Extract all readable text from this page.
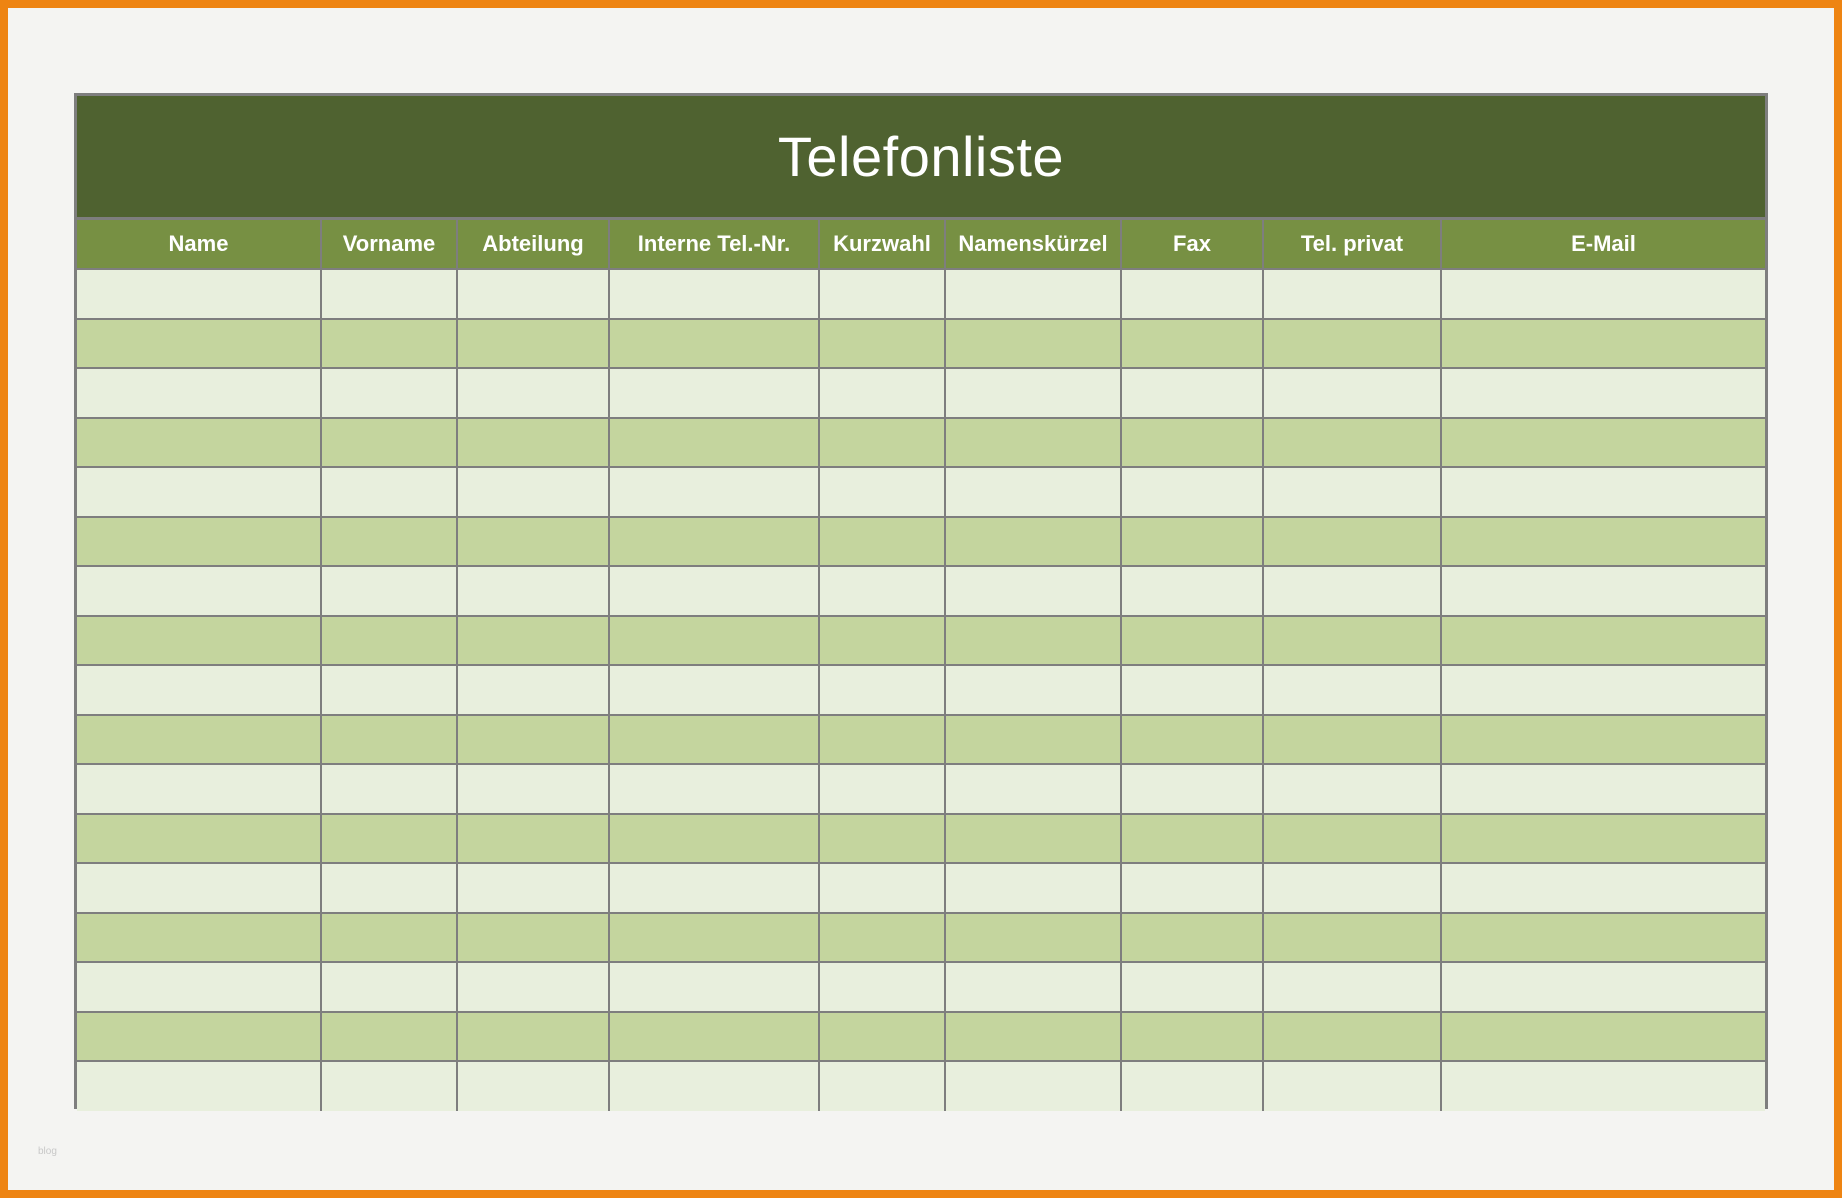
Telefonliste
Name	Vorname	Abteilung	Interne Tel.-Nr.	Kurzwahl	Namenskürzel	Fax	Tel. privat	E-Mail

blog
